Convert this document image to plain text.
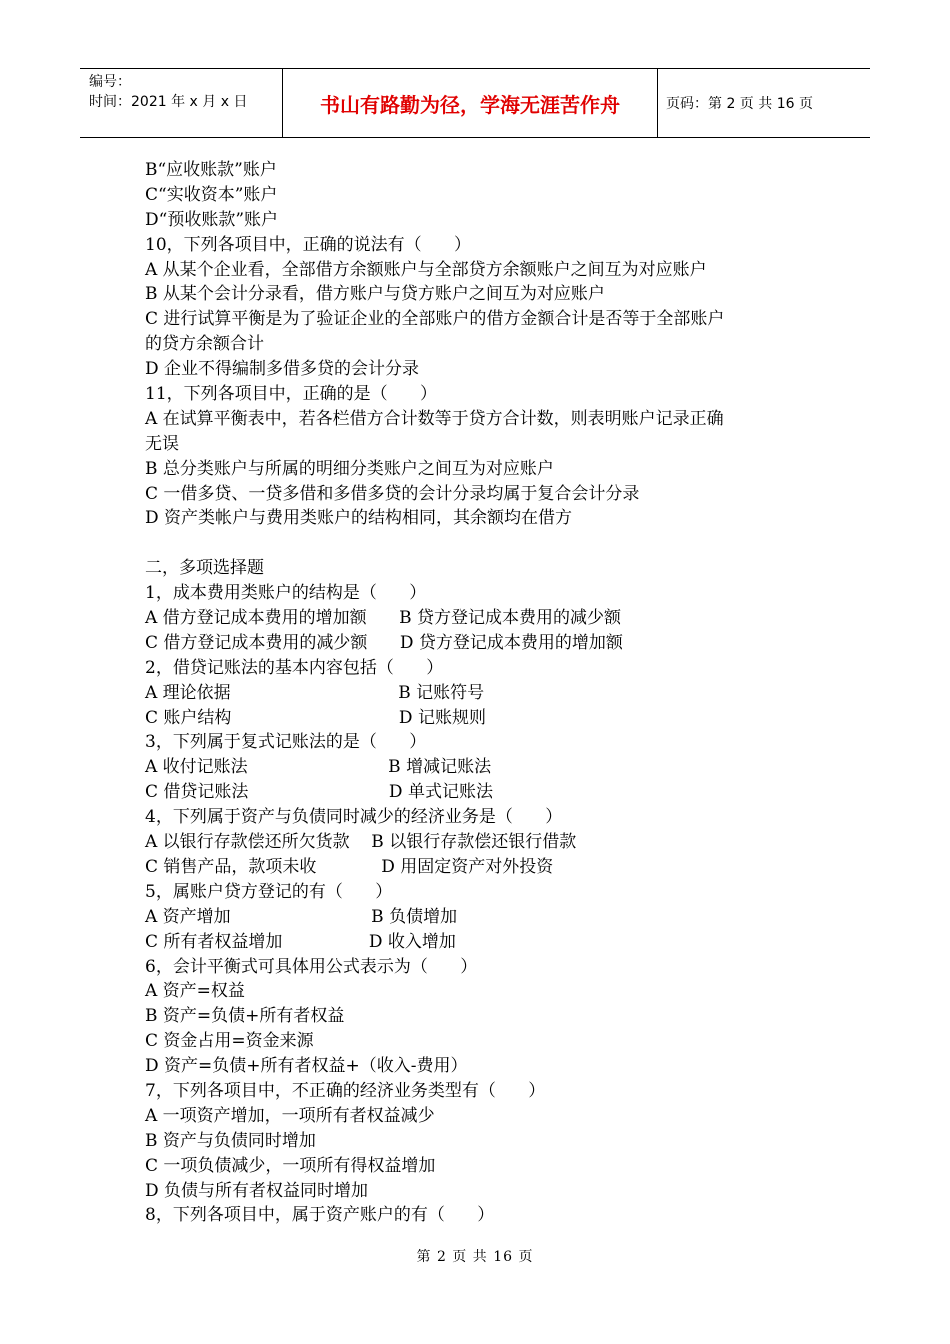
编号：
时间：2021 年 x 月 x 日	书山有路勤为径，学海无涯苦作舟	页码：第 2 页 共 16 页
B“应收账款”账户
C“实收资本”账户
D“预收账款”账户
10，下列各项目中，正确的说法有（      ）
A 从某个企业看，全部借方余额账户与全部贷方余额账户之间互为对应账户
B 从某个会计分录看，借方账户与贷方账户之间互为对应账户
C 进行试算平衡是为了验证企业的全部账户的借方金额合计是否等于全部账户
的贷方余额合计
D 企业不得编制多借多贷的会计分录
11，下列各项目中，正确的是（      ）
A 在试算平衡表中，若各栏借方合计数等于贷方合计数，则表明账户记录正确
无误
B 总分类账户与所属的明细分类账户之间互为对应账户
C 一借多贷、一贷多借和多借多贷的会计分录均属于复合会计分录
D 资产类帐户与费用类账户的结构相同，其余额均在借方
二，多项选择题
1，成本费用类账户的结构是（      ）
A 借方登记成本费用的增加额      B 贷方登记成本费用的减少额
C 借方登记成本费用的减少额      D 贷方登记成本费用的增加额
2，借贷记账法的基本内容包括（      ）
A 理论依据                               B 记账符号
C 账户结构                               D 记账规则
3，下列属于复式记账法的是（      ）
A 收付记账法                          B 增减记账法
C 借贷记账法                          D 单式记账法
4，下列属于资产与负债同时减少的经济业务是（      ）
A 以银行存款偿还所欠货款    B 以银行存款偿还银行借款
C 销售产品，款项未收            D 用固定资产对外投资
5，属账户贷方登记的有（      ）
A 资产增加                          B 负债增加
C 所有者权益增加                D 收入增加
6，会计平衡式可具体用公式表示为（      ）
A 资产=权益
B 资产=负债+所有者权益
C 资金占用=资金来源
D 资产=负债+所有者权益+（收入-费用）
7，下列各项目中，不正确的经济业务类型有（      ）
A 一项资产增加，一项所有者权益减少
B 资产与负债同时增加
C 一项负债减少，一项所有得权益增加
D 负债与所有者权益同时增加
8，下列各项目中，属于资产账户的有（      ）
第 2 页 共 16 页
